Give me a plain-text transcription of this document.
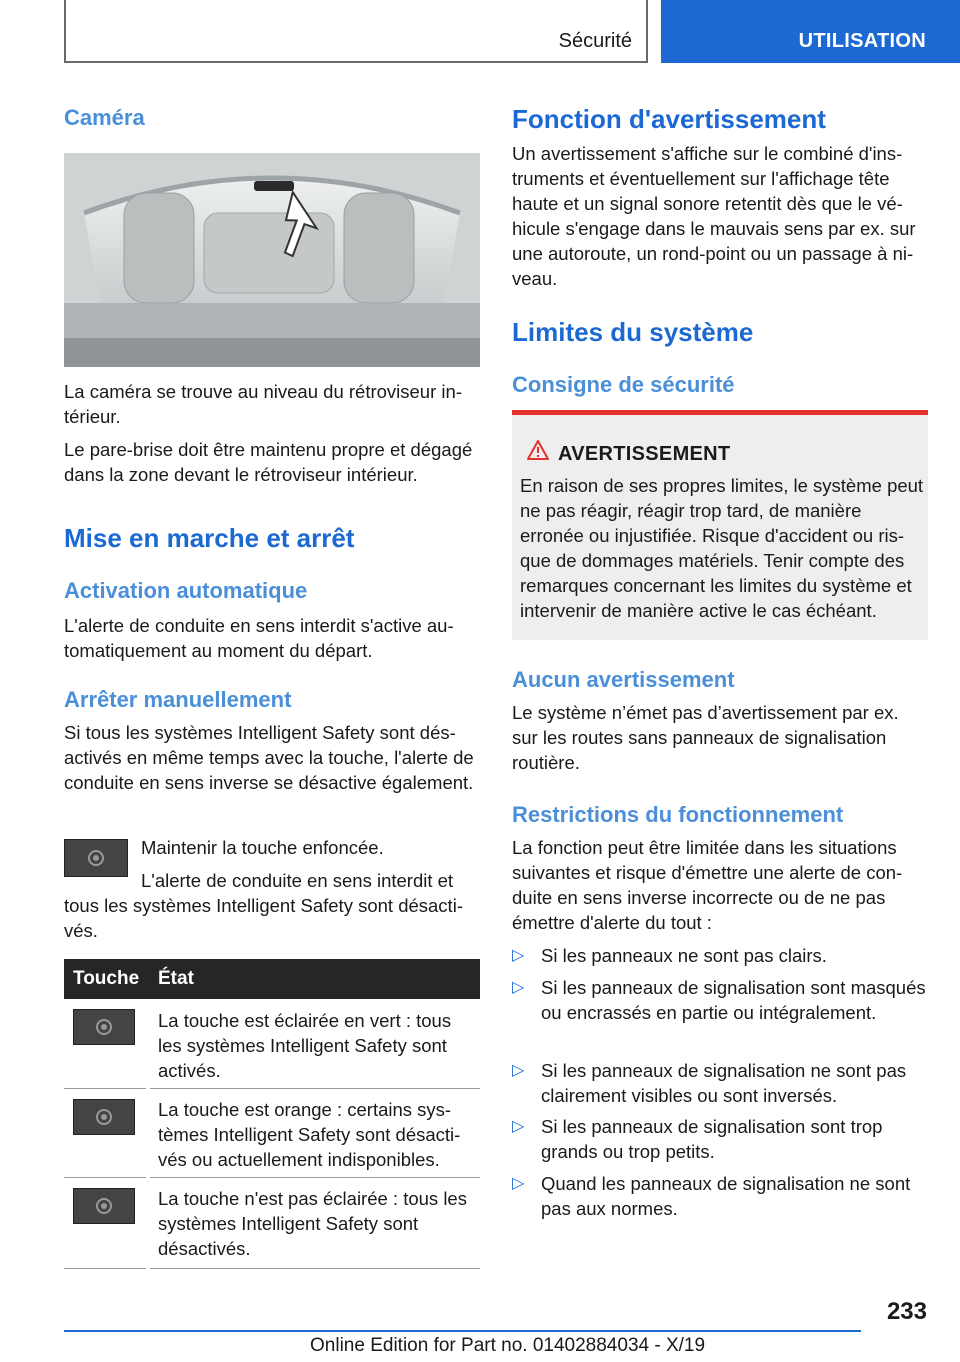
Sécurité	UTILISATION
Caméra

La caméra se trouve au niveau du rétroviseur intérieur.

Le pare-brise doit être maintenu propre et dégagé dans la zone devant le rétroviseur intérieur.

Mise en marche et arrêt
Activation automatique

L'alerte de conduite en sens interdit s'active automatiquement au moment du départ.

Arrêter manuellement

Si tous les systèmes Intelligent Safety sont désactivés en même temps avec la touche, l'alerte de conduite en sens inverse se désactive également.

Maintenir la touche enfoncée.

L'alerte de conduite en sens interdit et tous les systèmes Intelligent Safety sont désactivés.

Touche État

La touche est éclairée en vert : tous les systèmes Intelligent Safety sont activés.

La touche est orange : certains systèmes Intelligent Safety sont désactivés ou actuellement indisponibles.

La touche n'est pas éclairée : tous les systèmes Intelligent Safety sont désactivés.

Fonction d'avertissement

Un avertissement s'affiche sur le combiné d'instruments et éventuellement sur l'affichage tête haute et un signal sonore retentit dès que le véhicule s'engage dans le mauvais sens par ex. sur une autoroute, un rond-point ou un passage à niveau.

Limites du système
Consigne de sécurité
AVERTISSEMENT

En raison de ses propres limites, le système peut ne pas réagir, réagir trop tard, de manière erronée ou injustifiée. Risque d'accident ou risque de dommages matériels. Tenir compte des remarques concernant les limites du système et intervenir de manière active le cas échéant.

Aucun avertissement

Le système n’émet pas d’avertissement par ex. sur les routes sans panneaux de signalisation routière.

Restrictions du fonctionnement

La fonction peut être limitée dans les situations suivantes et risque d'émettre une alerte de conduite en sens inverse incorrecte ou de ne pas émettre d'alerte du tout :

▷ Si les panneaux ne sont pas clairs.

▷ Si les panneaux de signalisation sont masqués ou encrassés en partie ou intégralement.

▷ Si les panneaux de signalisation ne sont pas clairement visibles ou sont inversés.

▷ Si les panneaux de signalisation sont trop grands ou trop petits.

▷ Quand les panneaux de signalisation ne sont pas aux normes.

233
Online Edition for Part no. 01402884034 - X/19
